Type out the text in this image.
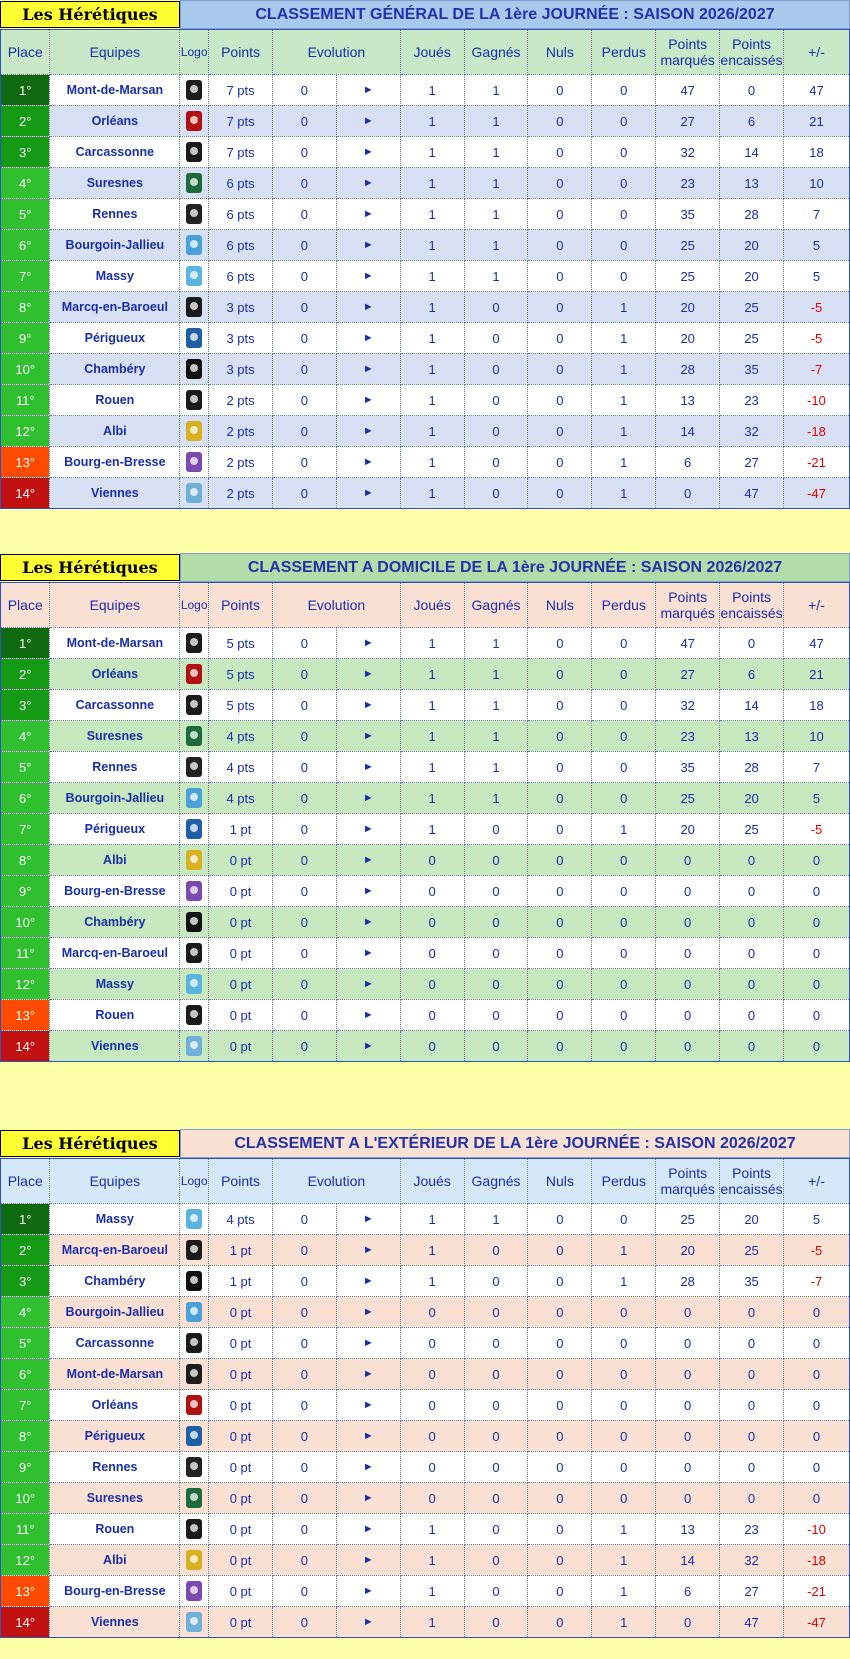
Les Hérétiques	CLASSEMENT GÉNÉRAL DE LA 1ère JOURNÉE : SAISON 2026/2027
Place	Equipes	Logo	Points	Evolution		Joués	Gagnés	Nuls	Perdus	Points marqués	Points encaissés	+/-
1°	Mont-de-Marsan		7 pts	0	►	1	1	0	0	47	0	47
2°	Orléans		7 pts	0	►	1	1	0	0	27	6	21
3°	Carcassonne		7 pts	0	►	1	1	0	0	32	14	18
4°	Suresnes		6 pts	0	►	1	1	0	0	23	13	10
5°	Rennes		6 pts	0	►	1	1	0	0	35	28	7
6°	Bourgoin-Jallieu		6 pts	0	►	1	1	0	0	25	20	5
7°	Massy		6 pts	0	►	1	1	0	0	25	20	5
8°	Marcq-en-Baroeul		3 pts	0	►	1	0	0	1	20	25	-5
9°	Périgueux		3 pts	0	►	1	0	0	1	20	25	-5
10°	Chambéry		3 pts	0	►	1	0	0	1	28	35	-7
11°	Rouen		2 pts	0	►	1	0	0	1	13	23	-10
12°	Albi		2 pts	0	►	1	0	0	1	14	32	-18
13°	Bourg-en-Bresse		2 pts	0	►	1	0	0	1	6	27	-21
14°	Viennes		2 pts	0	►	1	0	0	1	0	47	-47
Les Hérétiques	CLASSEMENT A DOMICILE DE LA 1ère JOURNÉE : SAISON 2026/2027
Place	Equipes	Logo	Points	Evolution		Joués	Gagnés	Nuls	Perdus	Points marqués	Points encaissés	+/-
1°	Mont-de-Marsan		5 pts	0	►	1	1	0	0	47	0	47
2°	Orléans		5 pts	0	►	1	1	0	0	27	6	21
3°	Carcassonne		5 pts	0	►	1	1	0	0	32	14	18
4°	Suresnes		4 pts	0	►	1	1	0	0	23	13	10
5°	Rennes		4 pts	0	►	1	1	0	0	35	28	7
6°	Bourgoin-Jallieu		4 pts	0	►	1	1	0	0	25	20	5
7°	Périgueux		1 pt	0	►	1	0	0	1	20	25	-5
8°	Albi		0 pt	0	►	0	0	0	0	0	0	0
9°	Bourg-en-Bresse		0 pt	0	►	0	0	0	0	0	0	0
10°	Chambéry		0 pt	0	►	0	0	0	0	0	0	0
11°	Marcq-en-Baroeul		0 pt	0	►	0	0	0	0	0	0	0
12°	Massy		0 pt	0	►	0	0	0	0	0	0	0
13°	Rouen		0 pt	0	►	0	0	0	0	0	0	0
14°	Viennes		0 pt	0	►	0	0	0	0	0	0	0
Les Hérétiques	CLASSEMENT A L'EXTÉRIEUR DE LA 1ère JOURNÉE : SAISON 2026/2027
Place	Equipes	Logo	Points	Evolution		Joués	Gagnés	Nuls	Perdus	Points marqués	Points encaissés	+/-
1°	Massy		4 pts	0	►	1	1	0	0	25	20	5
2°	Marcq-en-Baroeul		1 pt	0	►	1	0	0	1	20	25	-5
3°	Chambéry		1 pt	0	►	1	0	0	1	28	35	-7
4°	Bourgoin-Jallieu		0 pt	0	►	0	0	0	0	0	0	0
5°	Carcassonne		0 pt	0	►	0	0	0	0	0	0	0
6°	Mont-de-Marsan		0 pt	0	►	0	0	0	0	0	0	0
7°	Orléans		0 pt	0	►	0	0	0	0	0	0	0
8°	Périgueux		0 pt	0	►	0	0	0	0	0	0	0
9°	Rennes		0 pt	0	►	0	0	0	0	0	0	0
10°	Suresnes		0 pt	0	►	0	0	0	0	0	0	0
11°	Rouen		0 pt	0	►	1	0	0	1	13	23	-10
12°	Albi		0 pt	0	►	1	0	0	1	14	32	-18
13°	Bourg-en-Bresse		0 pt	0	►	1	0	0	1	6	27	-21
14°	Viennes		0 pt	0	►	1	0	0	1	0	47	-47
